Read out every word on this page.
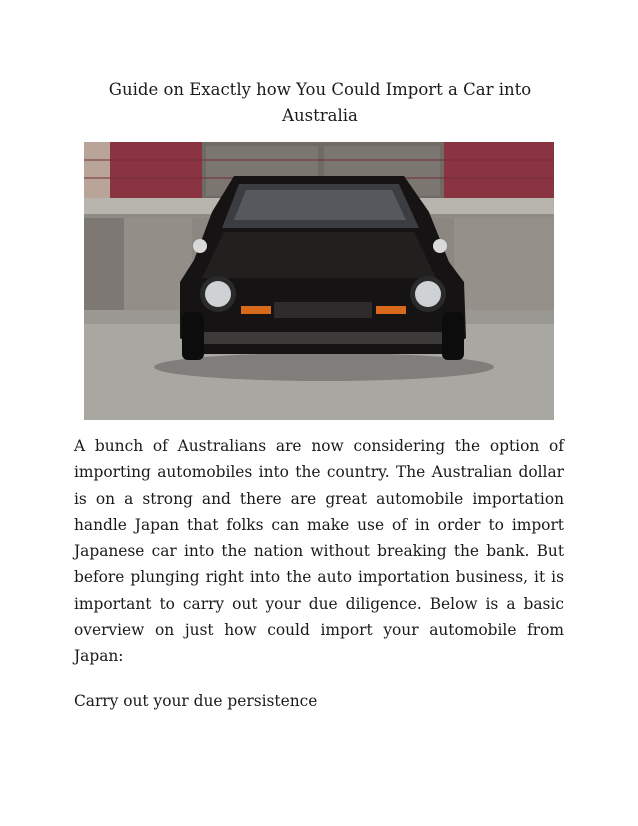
Guide on Exactly how You Could Import a Car into Australia

A bunch of Australians are now considering the option of importing automobiles into the country. The Australian dollar is on a strong and there are great automobile importation handle Japan that folks can make use of in order to import Japanese car into the nation without breaking the bank. But before plunging right into the auto importation business, it is important to carry out your due diligence. Below is a basic overview on just how could import your automobile from Japan:

Carry out your due persistence
